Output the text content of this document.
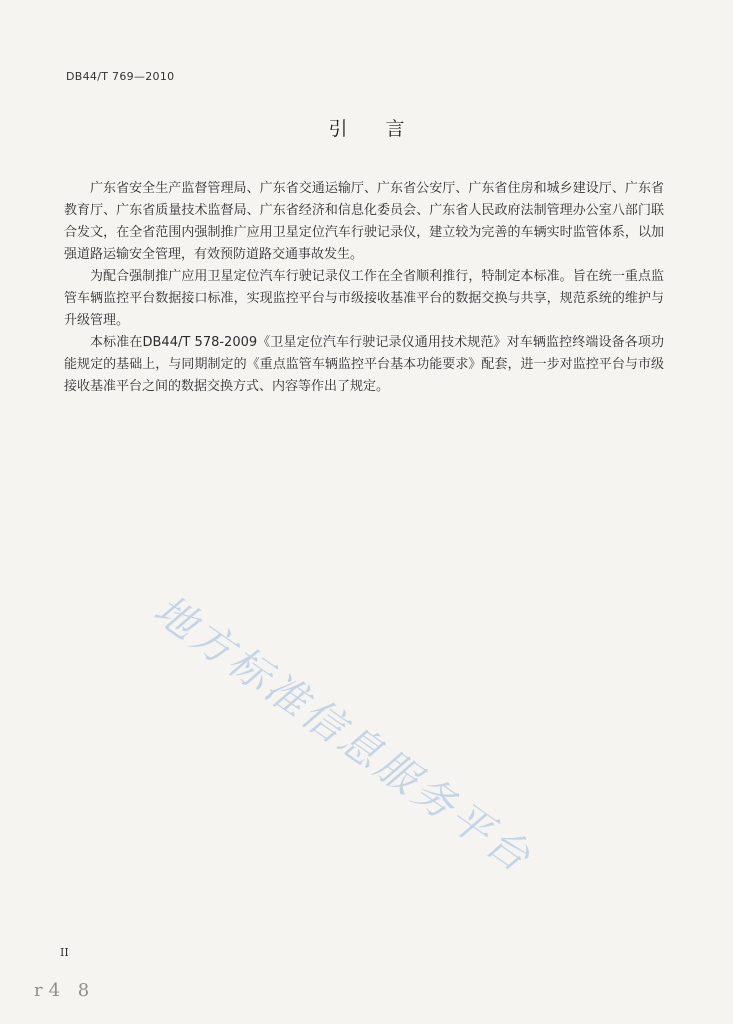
DB44/T 769—2010
引言

广东省安全生产监督管理局、广东省交通运输厅、广东省公安厅、广东省住房和城乡建设厅、广东省教育厅、广东省质量技术监督局、广东省经济和信息化委员会、广东省人民政府法制管理办公室八部门联合发文，在全省范围内强制推广应用卫星定位汽车行驶记录仪，建立较为完善的车辆实时监管体系，以加强道路运输安全管理，有效预防道路交通事故发生。

为配合强制推广应用卫星定位汽车行驶记录仪工作在全省顺利推行，特制定本标准。旨在统一重点监管车辆监控平台数据接口标准，实现监控平台与市级接收基准平台的数据交换与共享，规范系统的维护与升级管理。

本标准在DB44/T 578-2009《卫星定位汽车行驶记录仪通用技术规范》对车辆监控终端设备各项功能规定的基础上，与同期制定的《重点监管车辆监控平台基本功能要求》配套，进一步对监控平台与市级接收基准平台之间的数据交换方式、内容等作出了规定。

地方标准信息服务平台
II
r4 8
